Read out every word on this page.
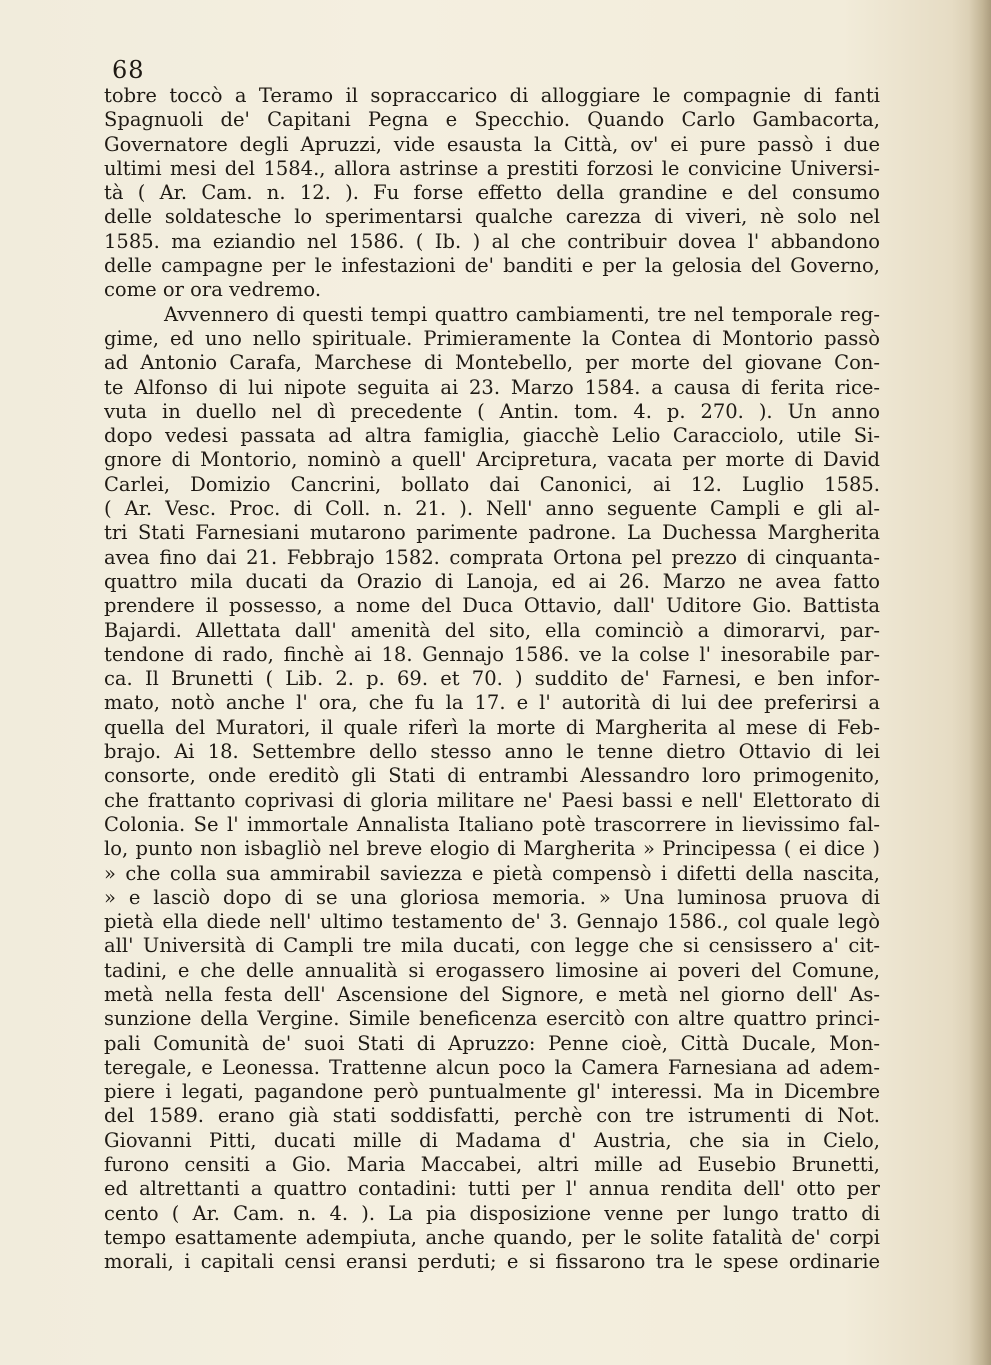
68
tobre toccò a Teramo il sopraccarico di alloggiare le compagnie di fanti
Spagnuoli de' Capitani Pegna e Specchio. Quando Carlo Gambacorta,
Governatore degli Apruzzi, vide esausta la Città, ov' ei pure passò i due
ultimi mesi del 1584., allora astrinse a prestiti forzosi le convicine Universi-
tà ( Ar. Cam. n. 12. ). Fu forse effetto della grandine e del consumo
delle soldatesche lo sperimentarsi qualche carezza di viveri, nè solo nel
1585. ma eziandio nel 1586. ( Ib. ) al che contribuir dovea l' abbandono
delle campagne per le infestazioni de' banditi e per la gelosia del Governo,
come or ora vedremo.
Avvennero di questi tempi quattro cambiamenti, tre nel temporale reg-
gime, ed uno nello spirituale. Primieramente la Contea di Montorio passò
ad Antonio Carafa, Marchese di Montebello, per morte del giovane Con-
te Alfonso di lui nipote seguita ai 23. Marzo 1584. a causa di ferita rice-
vuta in duello nel dì precedente ( Antin. tom. 4. p. 270. ). Un anno
dopo vedesi passata ad altra famiglia, giacchè Lelio Caracciolo, utile Si-
gnore di Montorio, nominò a quell' Arcipretura, vacata per morte di David
Carlei, Domizio Cancrini, bollato dai Canonici, ai 12. Luglio 1585.
( Ar. Vesc. Proc. di Coll. n. 21. ). Nell' anno seguente Campli e gli al-
tri Stati Farnesiani mutarono parimente padrone. La Duchessa Margherita
avea fino dai 21. Febbrajo 1582. comprata Ortona pel prezzo di cinquanta-
quattro mila ducati da Orazio di Lanoja, ed ai 26. Marzo ne avea fatto
prendere il possesso, a nome del Duca Ottavio, dall' Uditore Gio. Battista
Bajardi. Allettata dall' amenità del sito, ella cominciò a dimorarvi, par-
tendone di rado, finchè ai 18. Gennajo 1586. ve la colse l' inesorabile par-
ca. Il Brunetti ( Lib. 2. p. 69. et 70. ) suddito de' Farnesi, e ben infor-
mato, notò anche l' ora, che fu la 17. e l' autorità di lui dee preferirsi a
quella del Muratori, il quale riferì la morte di Margherita al mese di Feb-
brajo. Ai 18. Settembre dello stesso anno le tenne dietro Ottavio di lei
consorte, onde ereditò gli Stati di entrambi Alessandro loro primogenito,
che frattanto coprivasi di gloria militare ne' Paesi bassi e nell' Elettorato di
Colonia. Se l' immortale Annalista Italiano potè trascorrere in lievissimo fal-
lo, punto non isbagliò nel breve elogio di Margherita » Principessa ( ei dice )
» che colla sua ammirabil saviezza e pietà compensò i difetti della nascita,
» e lasciò dopo di se una gloriosa memoria. » Una luminosa pruova di
pietà ella diede nell' ultimo testamento de' 3. Gennajo 1586., col quale legò
all' Università di Campli tre mila ducati, con legge che si censissero a' cit-
tadini, e che delle annualità si erogassero limosine ai poveri del Comune,
metà nella festa dell' Ascensione del Signore, e metà nel giorno dell' As-
sunzione della Vergine. Simile beneficenza esercitò con altre quattro princi-
pali Comunità de' suoi Stati di Apruzzo: Penne cioè, Città Ducale, Mon-
teregale, e Leonessa. Trattenne alcun poco la Camera Farnesiana ad adem-
piere i legati, pagandone però puntualmente gl' interessi. Ma in Dicembre
del 1589. erano già stati soddisfatti, perchè con tre istrumenti di Not.
Giovanni Pitti, ducati mille di Madama d' Austria, che sia in Cielo,
furono censiti a Gio. Maria Maccabei, altri mille ad Eusebio Brunetti,
ed altrettanti a quattro contadini: tutti per l' annua rendita dell' otto per
cento ( Ar. Cam. n. 4. ). La pia disposizione venne per lungo tratto di
tempo esattamente adempiuta, anche quando, per le solite fatalità de' corpi
morali, i capitali censi eransi perduti; e si fissarono tra le spese ordinarie
